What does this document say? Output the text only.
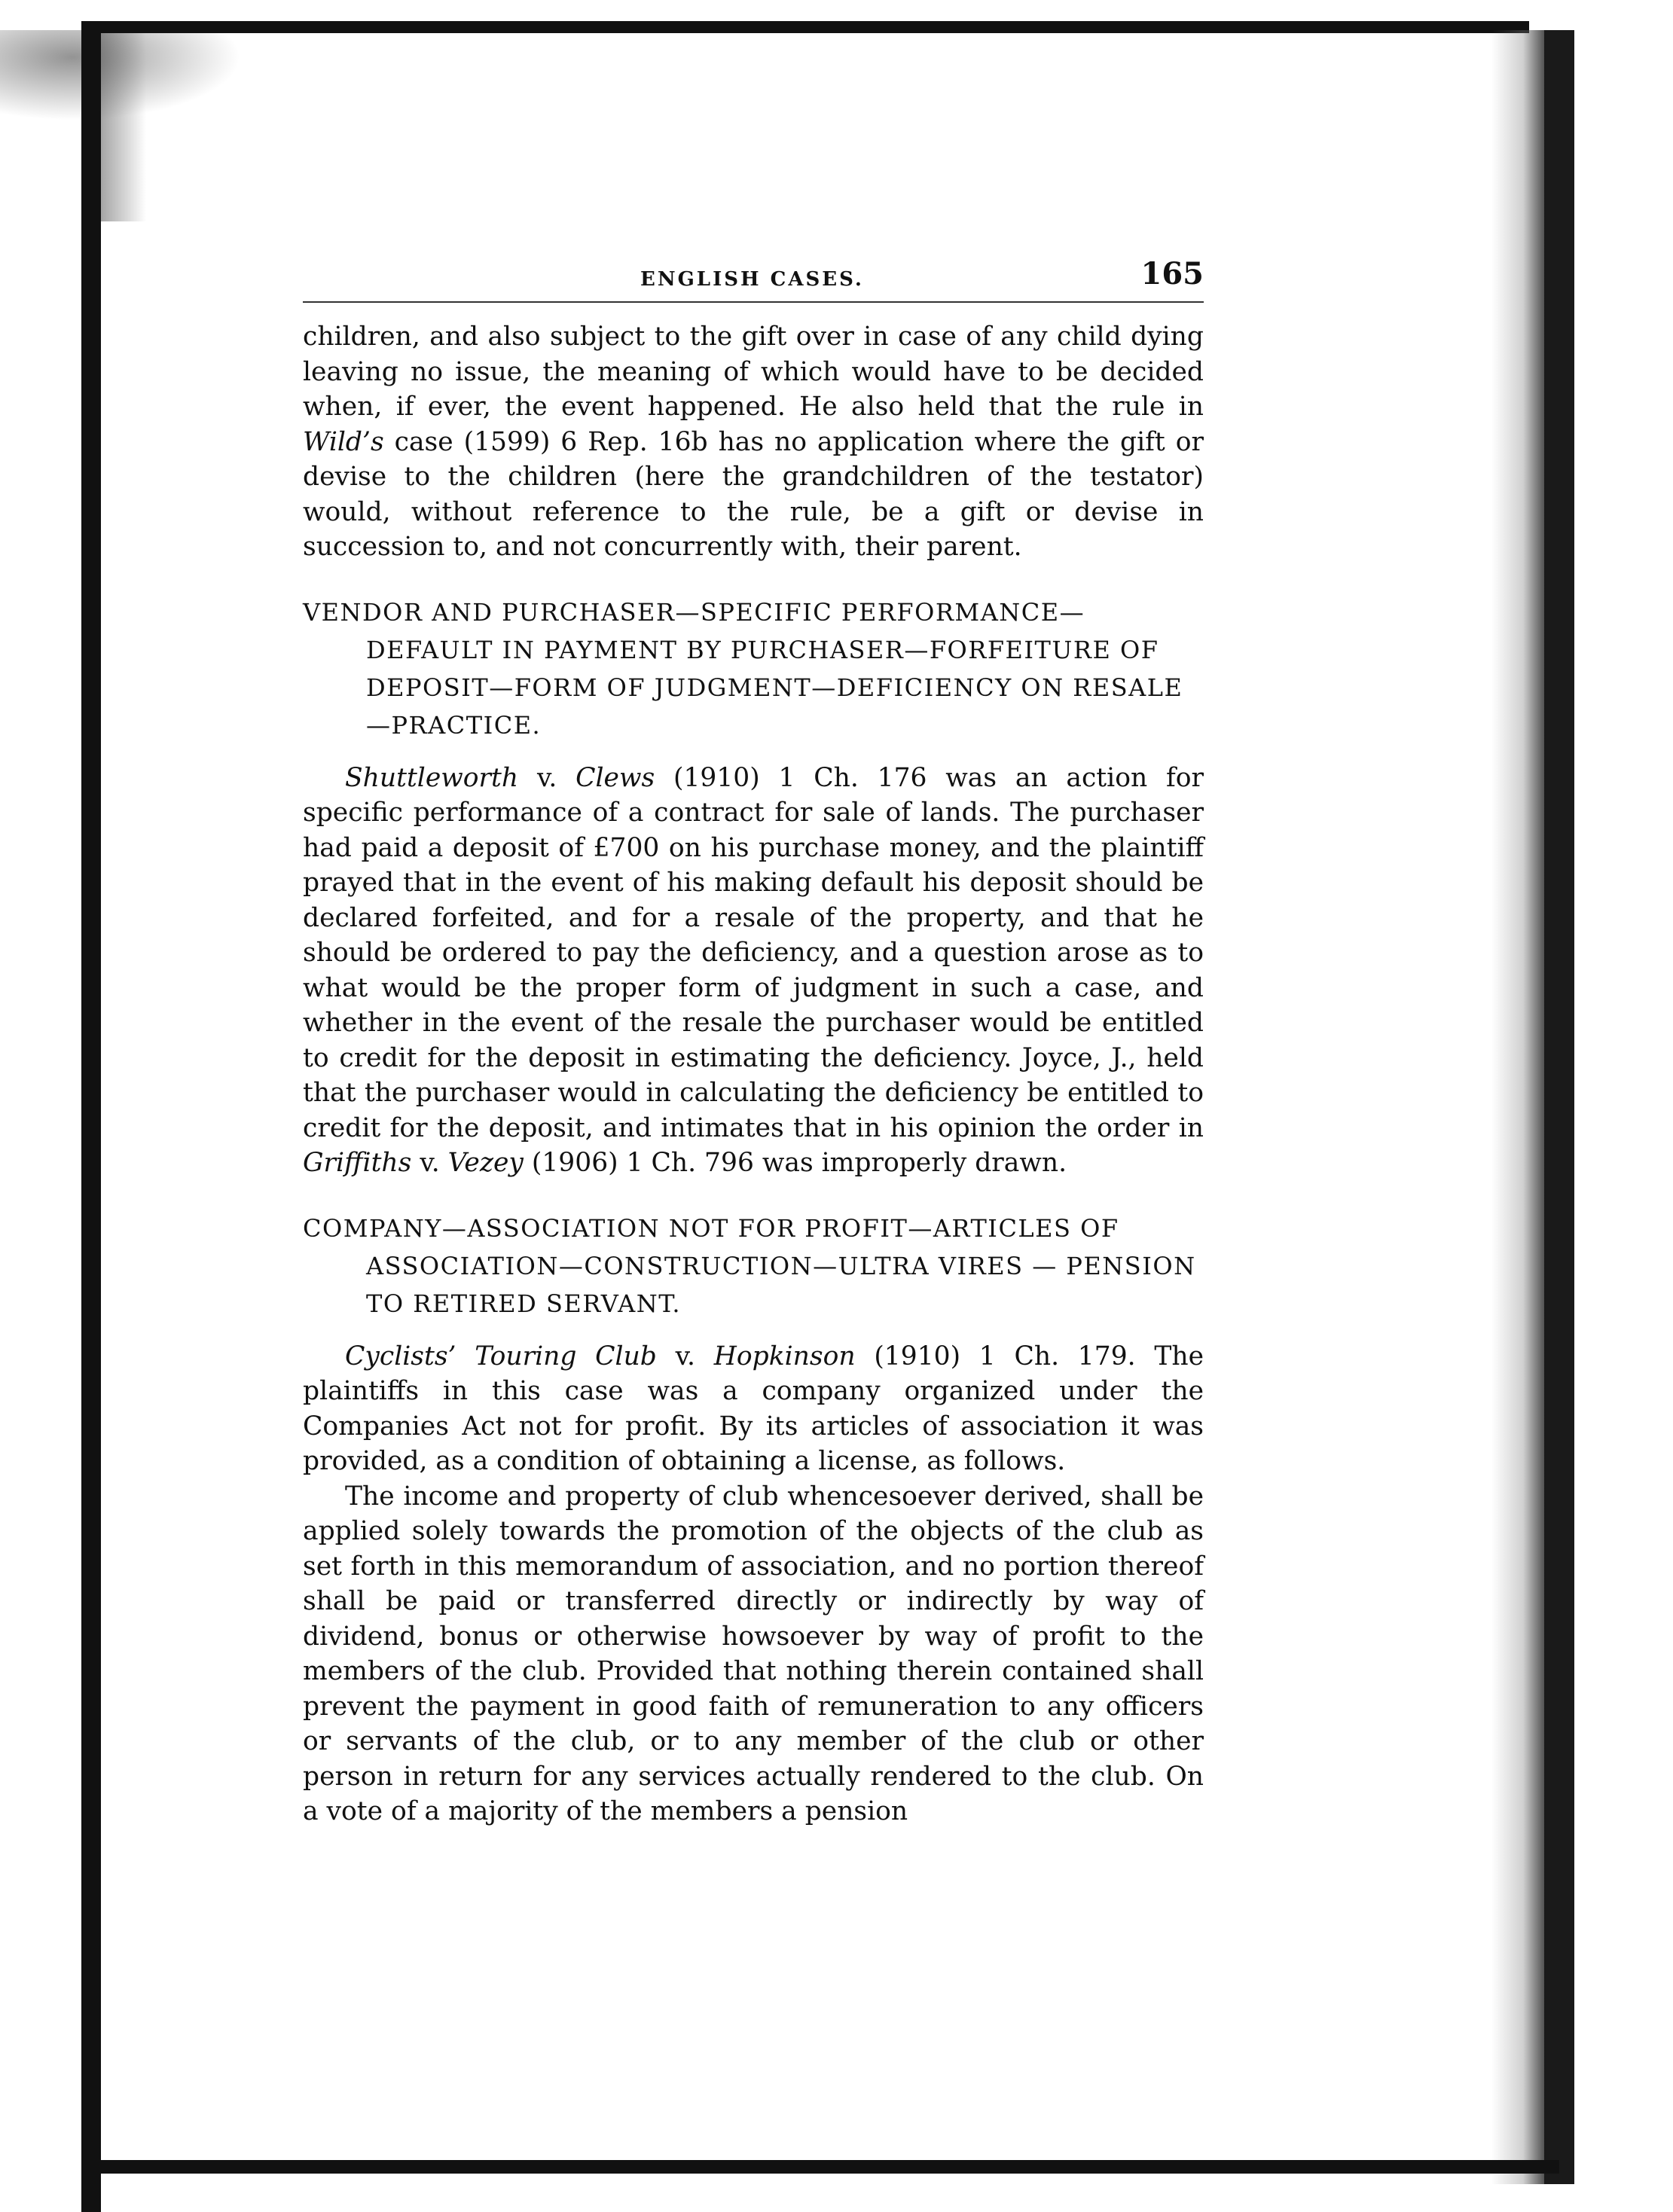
ENGLISH CASES.	165

children, and also subject to the gift over in case of any child dying leaving no issue, the meaning of which would have to be decided when, if ever, the event happened. He also held that the rule in Wild’s case (1599) 6 Rep. 16b has no application where the gift or devise to the children (here the grandchildren of the testator) would, without reference to the rule, be a gift or devise in succession to, and not concurrently with, their parent.

VENDOR AND PURCHASER—SPECIFIC PERFORMANCE—DEFAULT IN PAYMENT BY PURCHASER—FORFEITURE OF DEPOSIT—FORM OF JUDGMENT—DEFICIENCY ON RESALE—PRACTICE.

Shuttleworth v. Clews (1910) 1 Ch. 176 was an action for specific performance of a contract for sale of lands. The purchaser had paid a deposit of £700 on his purchase money, and the plaintiff prayed that in the event of his making default his deposit should be declared forfeited, and for a resale of the property, and that he should be ordered to pay the deficiency, and a question arose as to what would be the proper form of judgment in such a case, and whether in the event of the resale the purchaser would be entitled to credit for the deposit in estimating the deficiency. Joyce, J., held that the purchaser would in calculating the deficiency be entitled to credit for the deposit, and intimates that in his opinion the order in Griffiths v. Vezey (1906) 1 Ch. 796 was improperly drawn.

COMPANY—ASSOCIATION NOT FOR PROFIT—ARTICLES OF ASSOCIATION—CONSTRUCTION—ULTRA VIRES — PENSION TO RETIRED SERVANT.

Cyclists’ Touring Club v. Hopkinson (1910) 1 Ch. 179. The plaintiffs in this case was a company organized under the Companies Act not for profit. By its articles of association it was provided, as a condition of obtaining a license, as follows.

The income and property of club whencesoever derived, shall be applied solely towards the promotion of the objects of the club as set forth in this memorandum of association, and no portion thereof shall be paid or transferred directly or indirectly by way of dividend, bonus or otherwise howsoever by way of profit to the members of the club. Provided that nothing therein contained shall prevent the payment in good faith of remuneration to any officers or servants of the club, or to any member of the club or other person in return for any services actually rendered to the club. On a vote of a majority of the members a pension
